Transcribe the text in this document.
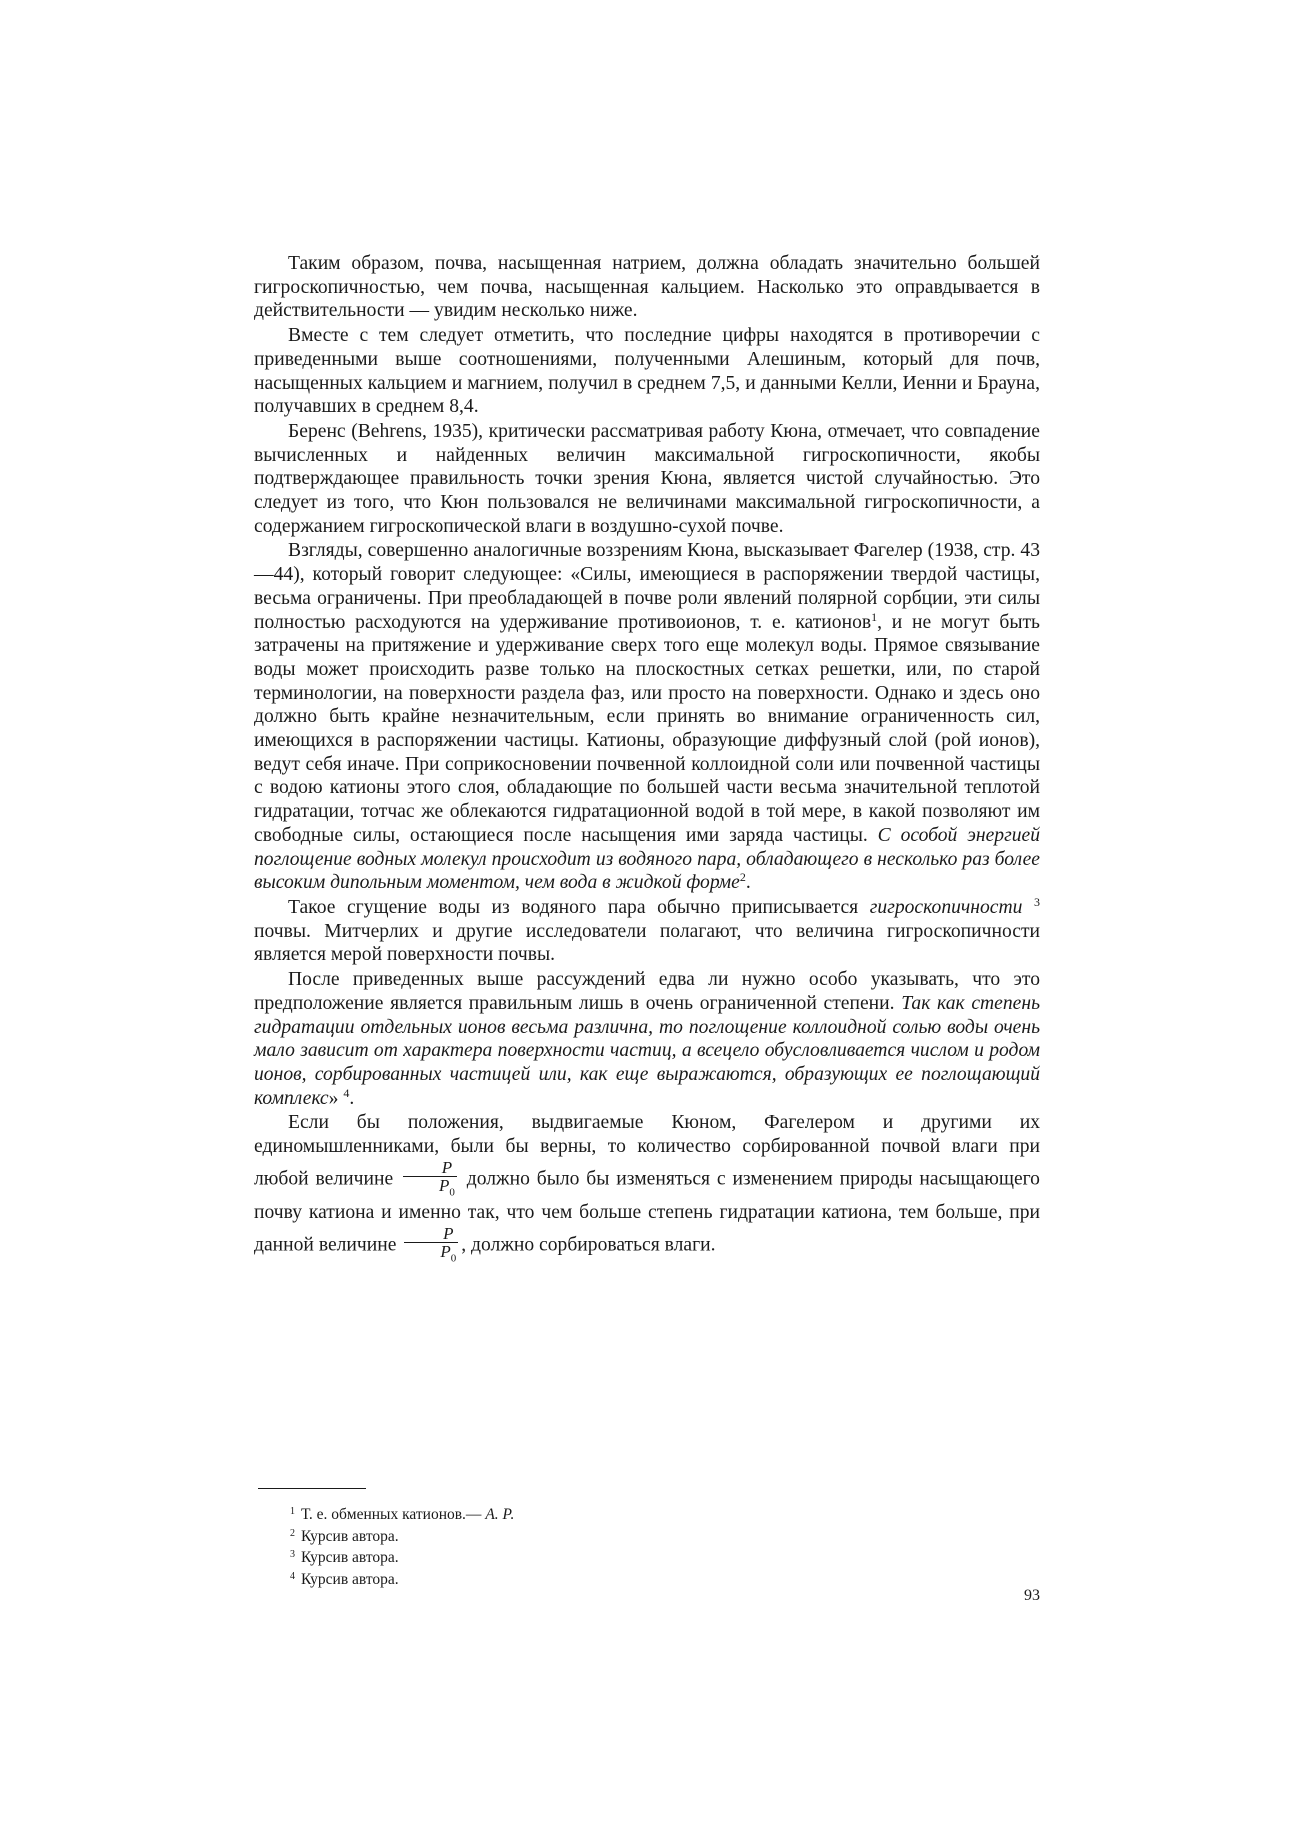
Таким образом, почва, насыщенная натрием, должна обладать значительно большей гигроскопичностью, чем почва, насыщенная кальцием. Насколько это оправдывается в действительности — увидим несколько ниже.

Вместе с тем следует отметить, что последние цифры находятся в противоречии с приведенными выше соотношениями, полученными Алешиным, который для почв, насыщенных кальцием и магнием, получил в среднем 7,5, и данными Келли, Иенни и Брауна, получавших в среднем 8,4.

Беренс (Behrens, 1935), критически рассматривая работу Кюна, отмечает, что совпадение вычисленных и найденных величин максимальной гигроскопичности, якобы подтверждающее правильность точки зрения Кюна, является чистой случайностью. Это следует из того, что Кюн пользовался не величинами максимальной гигроскопичности, а содержанием гигроскопической влаги в воздушно-сухой почве.

Взгляды, совершенно аналогичные воззрениям Кюна, высказывает Фагелер (1938, стр. 43—44), который говорит следующее: «Силы, имеющиеся в распоряжении твердой частицы, весьма ограничены. При преобладающей в почве роли явлений полярной сорбции, эти силы полностью расходуются на удерживание противоионов, т. е. катионов$^1$, и не могут быть затрачены на притяжение и удерживание сверх того еще молекул воды. Прямое связывание воды может происходить разве только на плоскостных сетках решетки, или, по старой терминологии, на поверхности раздела фаз, или просто на поверхности. Однако и здесь оно должно быть крайне незначительным, если принять во внимание ограниченность сил, имеющихся в распоряжении частицы. Катионы, образующие диффузный слой (рой ионов), ведут себя иначе. При соприкосновении почвенной коллоидной соли или почвенной частицы с водою катионы этого слоя, обладающие по большей части весьма значительной теплотой гидратации, тотчас же облекаются гидратационной водой в той мере, в какой позволяют им свободные силы, остающиеся после насыщения ими заряда частицы. С особой энергией поглощение водных молекул происходит из водяного пара, обладающего в несколько раз более высоким дипольным моментом, чем вода в жидкой форме$^2$.

Такое сгущение воды из водяного пара обычно приписывается гигроскопичности $^3$ почвы. Митчерлих и другие исследователи полагают, что величина гигроскопичности является мерой поверхности почвы.

После приведенных выше рассуждений едва ли нужно особо указывать, что это предположение является правильным лишь в очень ограниченной степени. Так как степень гидратации отдельных ионов весьма различна, то поглощение коллоидной солью воды очень мало зависит от характера поверхности частиц, а всецело обусловливается числом и родом ионов, сорбированных частицей или, как еще выражаются, образующих ее поглощающий комплекс» $^4$.

Если бы положения, выдвигаемые Кюном, Фагелером и другими их единомышленниками, были бы верны, то количество сорбированной почвой влаги при любой величине $\frac{P}{P_0}$ должно было бы изменяться с изменением природы насыщающего почву катиона и именно так, что чем больше степень гидратации катиона, тем больше, при данной величине $\frac{P}{P_0}$ , должно сорбироваться влаги.

$^1$ Т. е. обменных катионов.— А. Р.
$^2$ Курсив автора.
$^3$ Курсив автора.
$^4$ Курсив автора.
93
